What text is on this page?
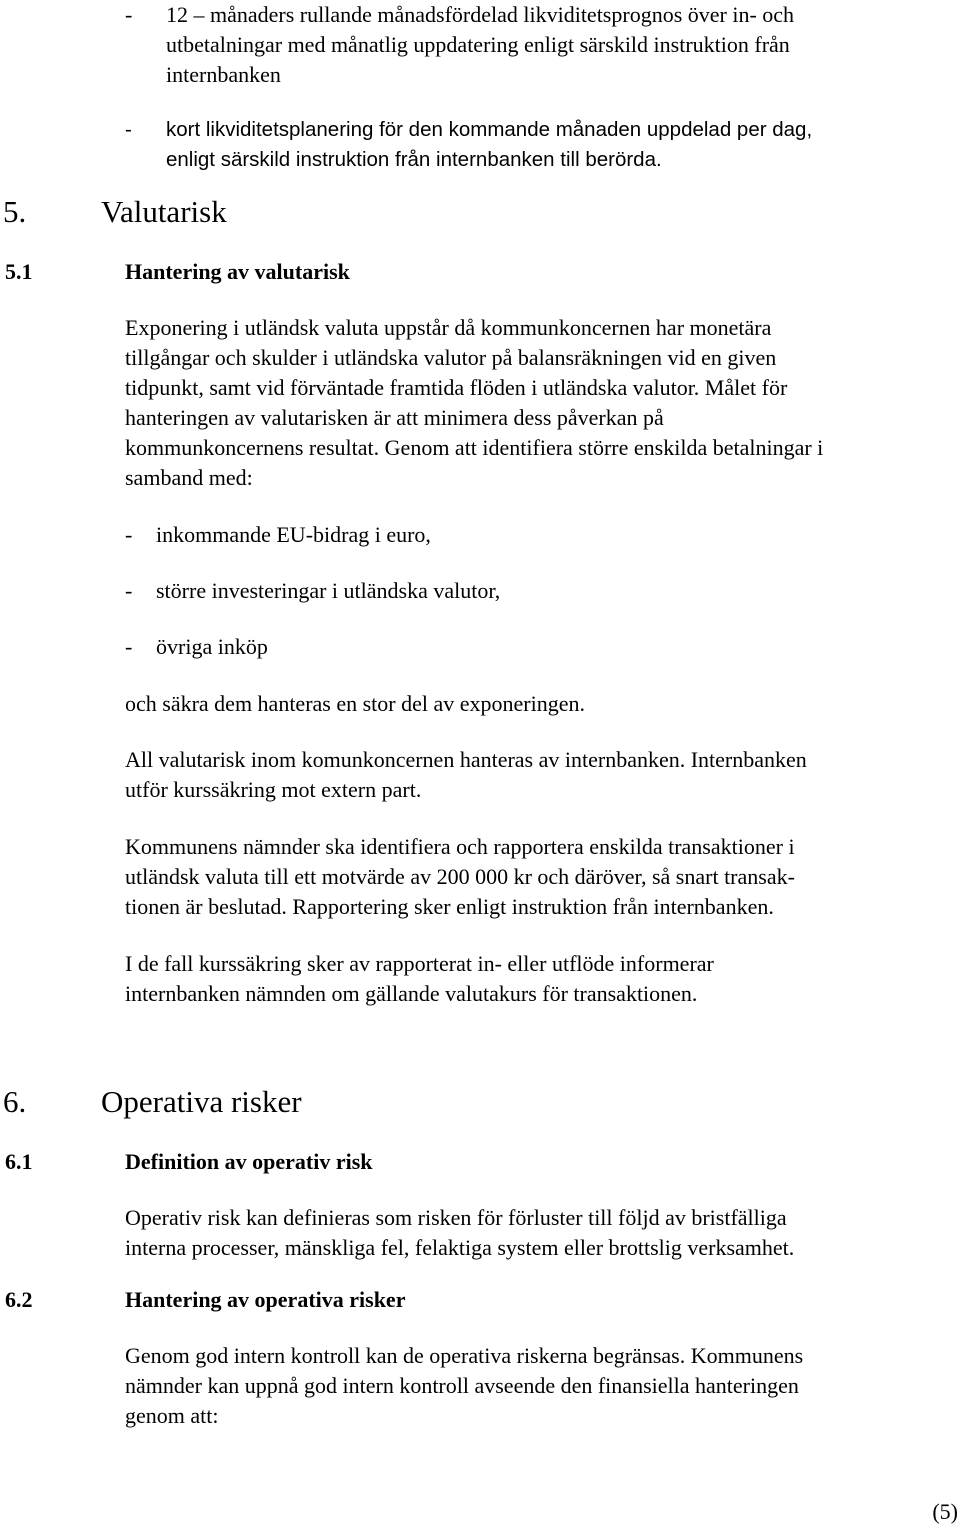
- 12 – månaders rullande månadsfördelad likviditetsprognos över in- och

utbetalningar med månatlig uppdatering enligt särskild instruktion från

internbanken

- kort likviditetsplanering för den kommande månaden uppdelad per dag,

enligt särskild instruktion från internbanken till berörda.

5. Valutarisk
5.1	Hantering av valutarisk

Exponering i utländsk valuta uppstår då kommunkoncernen har monetära

tillgångar och skulder i utländska valutor på balansräkningen vid en given

tidpunkt, samt vid förväntade framtida flöden i utländska valutor. Målet för

hanteringen av valutarisken är att minimera dess påverkan på

kommunkoncernens resultat. Genom att identifiera större enskilda betalningar i

samband med:

- inkommande EU-bidrag i euro,
- större investeringar i utländska valutor,
- övriga inköp

och säkra dem hanteras en stor del av exponeringen.

All valutarisk inom komunkoncernen hanteras av internbanken. Internbanken

utför kurssäkring mot extern part.

Kommunens nämnder ska identifiera och rapportera enskilda transaktioner i

utländsk valuta till ett motvärde av 200 000 kr och däröver, så snart transak-

tionen är beslutad. Rapportering sker enligt instruktion från internbanken.

I de fall kurssäkring sker av rapporterat in- eller utflöde informerar

internbanken nämnden om gällande valutakurs för transaktionen.

6. Operativa risker
6.1	Definition av operativ risk

Operativ risk kan definieras som risken för förluster till följd av bristfälliga

interna processer, mänskliga fel, felaktiga system eller brottslig verksamhet.

6.2	Hantering av operativa risker

Genom god intern kontroll kan de operativa riskerna begränsas. Kommunens

nämnder kan uppnå god intern kontroll avseende den finansiella hanteringen

genom att:

(5)
